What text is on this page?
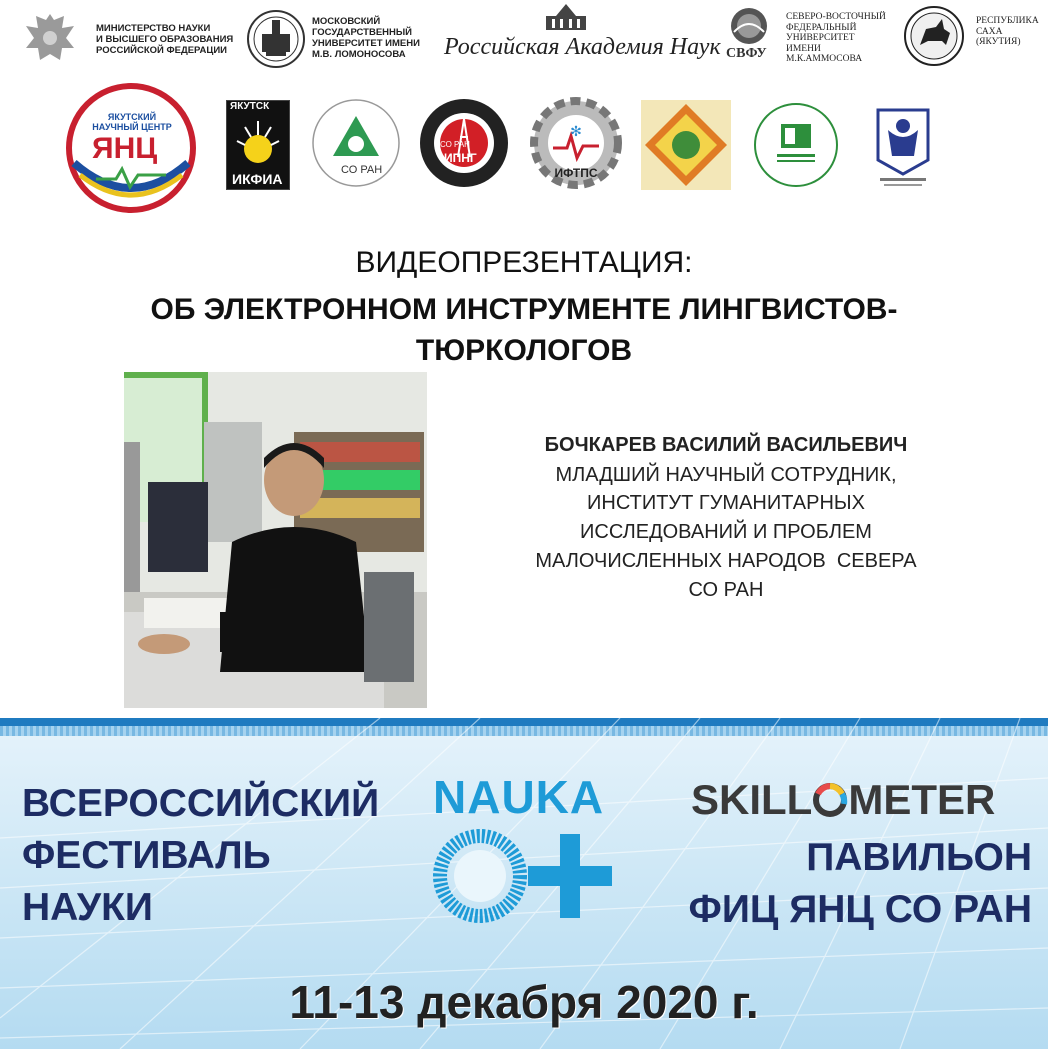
МИНИСТЕРСТВО НАУКИ
И ВЫСШЕГО ОБРАЗОВАНИЯ
РОССИЙСКОЙ ФЕДЕРАЦИИ
МОСКОВСКИЙ
ГОСУДАРСТВЕННЫЙ
УНИВЕРСИТЕТ ИМЕНИ
М.В. ЛОМОНОСОВА	Российская Академия Наук СВФУ
СЕВЕРО-ВОСТОЧНЫЙ
ФЕДЕРАЛЬНЫЙ
УНИВЕРСИТЕТ
ИМЕНИ
М.К.АММОСОВА
РЕСПУБЛИКА
САХА
(ЯКУТИЯ)
ЯКУТСКИЙ НАУЧНЫЙ ЦЕНТР
ЯНЦ
ЯКУТСК
ИКФИА
СО РАН
СО РАН
ИПНГ
✻
ИФТПС
ВИДЕОПРЕЗЕНТАЦИЯ:
ОБ ЭЛЕКТРОННОМ ИНСТРУМЕНТЕ ЛИНГВИСТОВ-
ТЮРКОЛОГОВ
БОЧКАРЕВ ВАСИЛИЙ ВАСИЛЬЕВИЧ
МЛАДШИЙ НАУЧНЫЙ СОТРУДНИК,
ИНСТИТУТ ГУМАНИТАРНЫХ
ИССЛЕДОВАНИЙ И ПРОБЛЕМ
МАЛОЧИСЛЕННЫХ НАРОДОВ  СЕВЕРА
СО РАН
ВСЕРОССИЙСКИЙ
ФЕСТИВАЛЬ
НАУКИ
NAUKA SKILL METER
ПАВИЛЬОН
ФИЦ ЯНЦ СО РАН
11-13 декабря 2020 г.
